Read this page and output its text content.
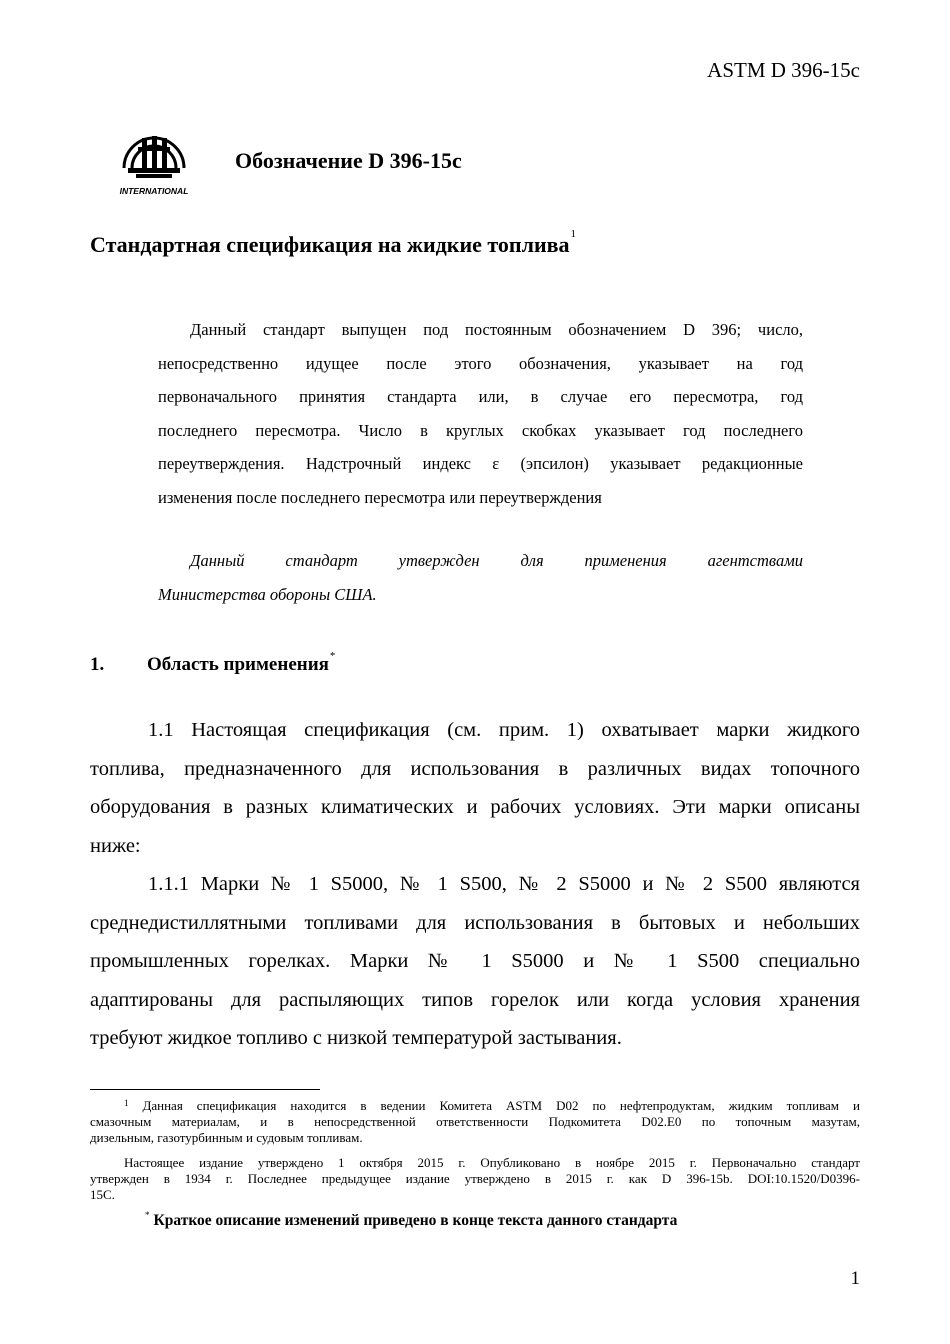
ASTM D 396-15c
INTERNATIONAL
Обозначение D 396-15c
Стандартная спецификация на жидкие топлива$^1$
Данный стандарт выпущен под постоянным обозначением D 396; число,
непосредственно идущее после этого обозначения, указывает на год
первоначального принятия стандарта или, в случае его пересмотра, год
последнего пересмотра. Число в круглых скобках указывает год последнего
переутверждения. Надстрочный индекс ε (эпсилон) указывает редакционные
изменения после последнего пересмотра или переутверждения
Данный стандарт утвержден для применения агентствами
Министерства обороны США.
1. Область применения*
1.1 Настоящая спецификация (см. прим. 1) охватывает марки жидкого
топлива, предназначенного для использования в различных видах топочного
оборудования в разных климатических и рабочих условиях. Эти марки описаны
ниже:
1.1.1 Марки № 1 S5000, № 1 S500, № 2 S5000 и № 2 S500 являются
среднедистиллятными топливами для использования в бытовых и небольших
промышленных горелках. Марки № 1 S5000 и № 1 S500 специально
адаптированы для распыляющих типов горелок или когда условия хранения
требуют жидкое топливо с низкой температурой застывания.
$^1$ Данная спецификация находится в ведении Комитета ASTM D02 по нефтепродуктам, жидким топливам и
смазочным материалам, и в непосредственной ответственности Подкомитета D02.E0 по топочным мазутам,
дизельным, газотурбинным и судовым топливам.
Настоящее издание утверждено 1 октября 2015 г. Опубликовано в ноябре 2015 г. Первоначально стандарт
утвержден в 1934 г. Последнее предыдущее издание утверждено в 2015 г. как D 396-15b. DOI:10.1520/D0396-
15C.
* Краткое описание изменений приведено в конце текста данного стандарта
1
